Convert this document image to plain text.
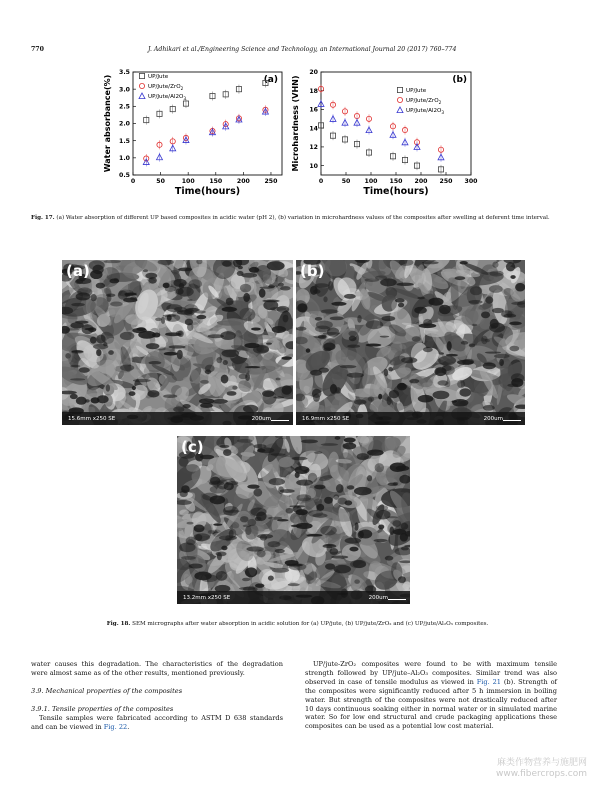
770	J. Adhikari et al./Engineering Science and Technology, an International Journal 20 (2017) 760–774
0	50	100 150 200 250
0.5
1.0
1.5
2.0
2.5
3.0
3.5
Time(hours)
Water absorbance(%)	(a)
UP/Jute
UP/Jute/ZrO$_2$
$UP/Jute/Al2O_3$
0	50 100 150 200 250 300
10
12
14
16
18
20
Time(hours)
Microhardness (VHN)	(b)
UP/Jute
UP/Jute/ZrO$_2$
$UP/Jute/Al2O_3$
Fig. 17. (a) Water absorption of different UP based composites in acidic water (pH 2), (b) variation in microhardness values of the composites after swelling at deferent time interval.
(a)
15.6mm x250 SE	200um
(b)
16.9mm x250 SE	200um
(c)
13.2mm x250 SE	200um
Fig. 18. SEM micrographs after water absorption in acidic solution for (a) UP/jute, (b) UP/jute/ZrO₂ and (c) UP/jute/Al₂O₃ composites.

water causes this degradation. The characteristics of the degradation were almost same as of the other results, mentioned previously.

3.9. Mechanical properties of the composites

3.9.1. Tensile properties of the composites

Tensile samples were fabricated according to ASTM D 638 standards and can be viewed in Fig. 22.

UP/jute-ZrO₂ composites were found to be with maximum tensile strength followed by UP/jute–Al₂O₃ composites. Similar trend was also observed in case of tensile modulus as viewed in Fig. 21 (b). Strength of the composites were significantly reduced after 5 h immersion in boiling water. But strength of the composites were not drastically reduced after 10 days continuous soaking either in normal water or in simulated marine water. So for low end structural and crude packaging applications these composites can be used as a potential low cost material.

麻类作物营养与施肥网
www.fibercrops.com
